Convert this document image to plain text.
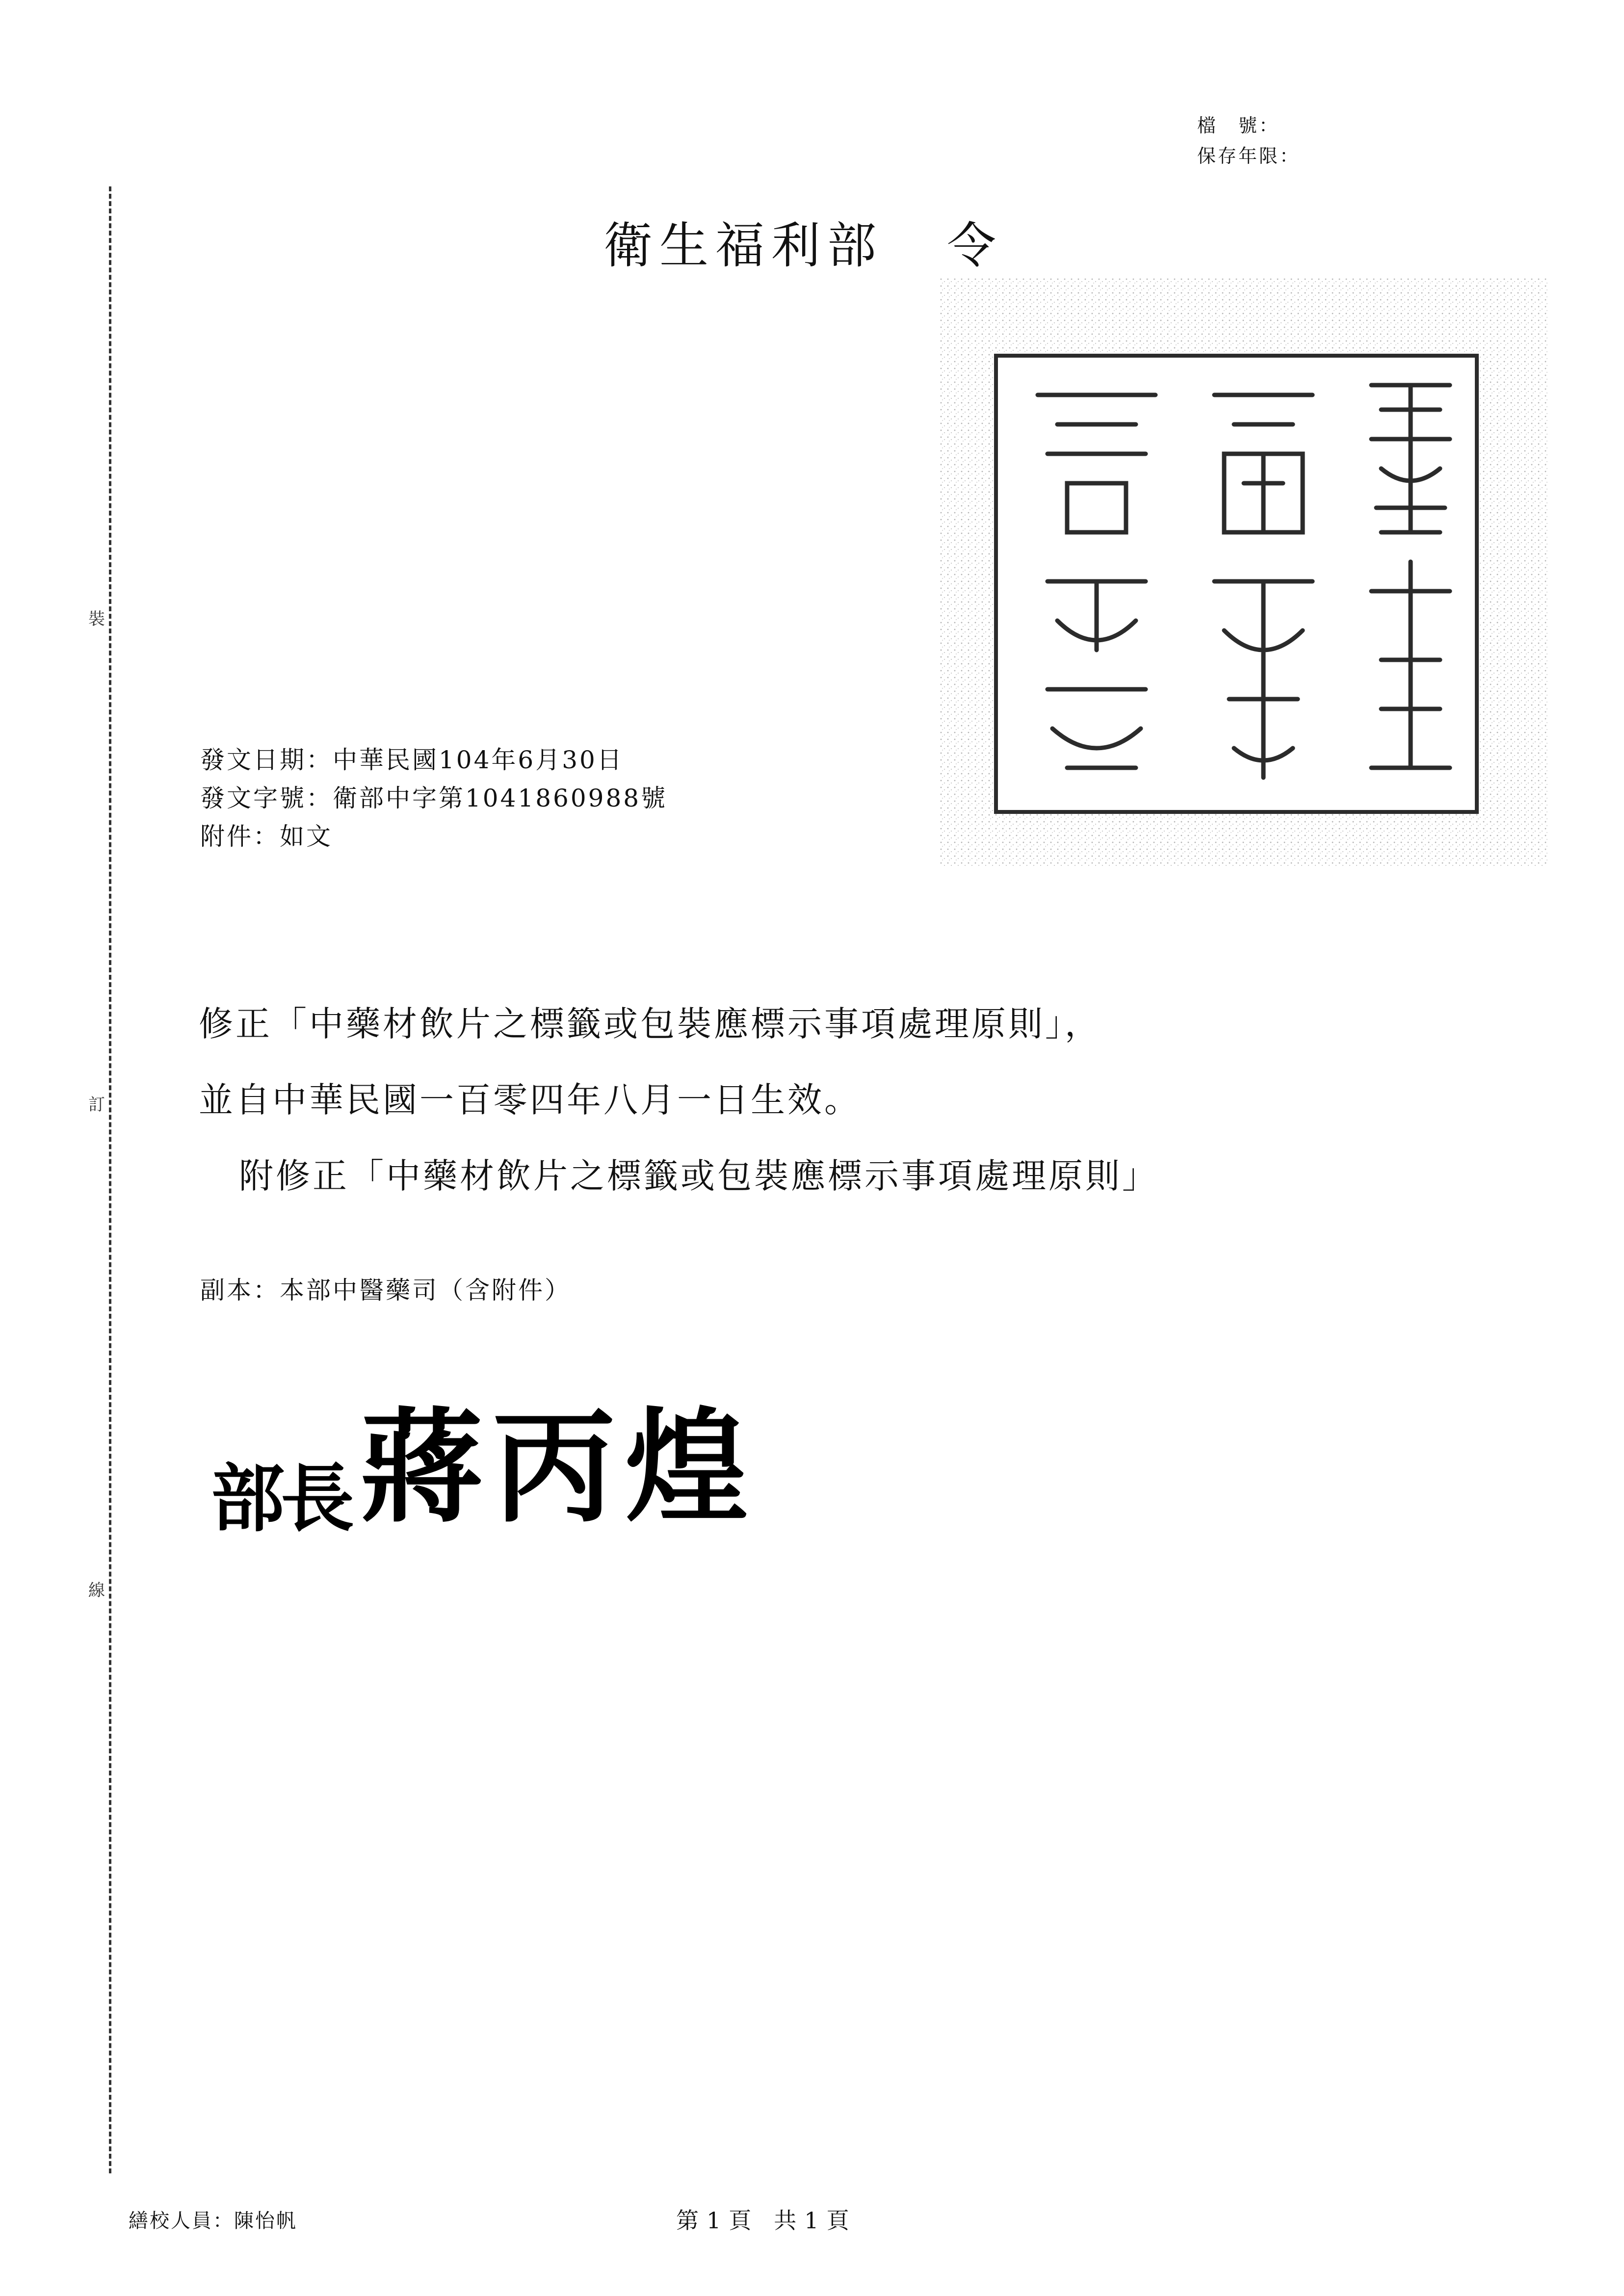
裝
訂
線
檔　號：
保存年限：
衛生福利部 令
發文日期：中華民國104年6月30日
發文字號：衛部中字第1041860988號
附件：如文
修正「中藥材飲片之標籤或包裝應標示事項處理原則」，
並自中華民國一百零四年八月一日生效。
附修正「中藥材飲片之標籤或包裝應標示事項處理原則」
副本：本部中醫藥司（含附件）
部長蔣丙煌
繕校人員：陳怡帆	第 1 頁　共 1 頁
